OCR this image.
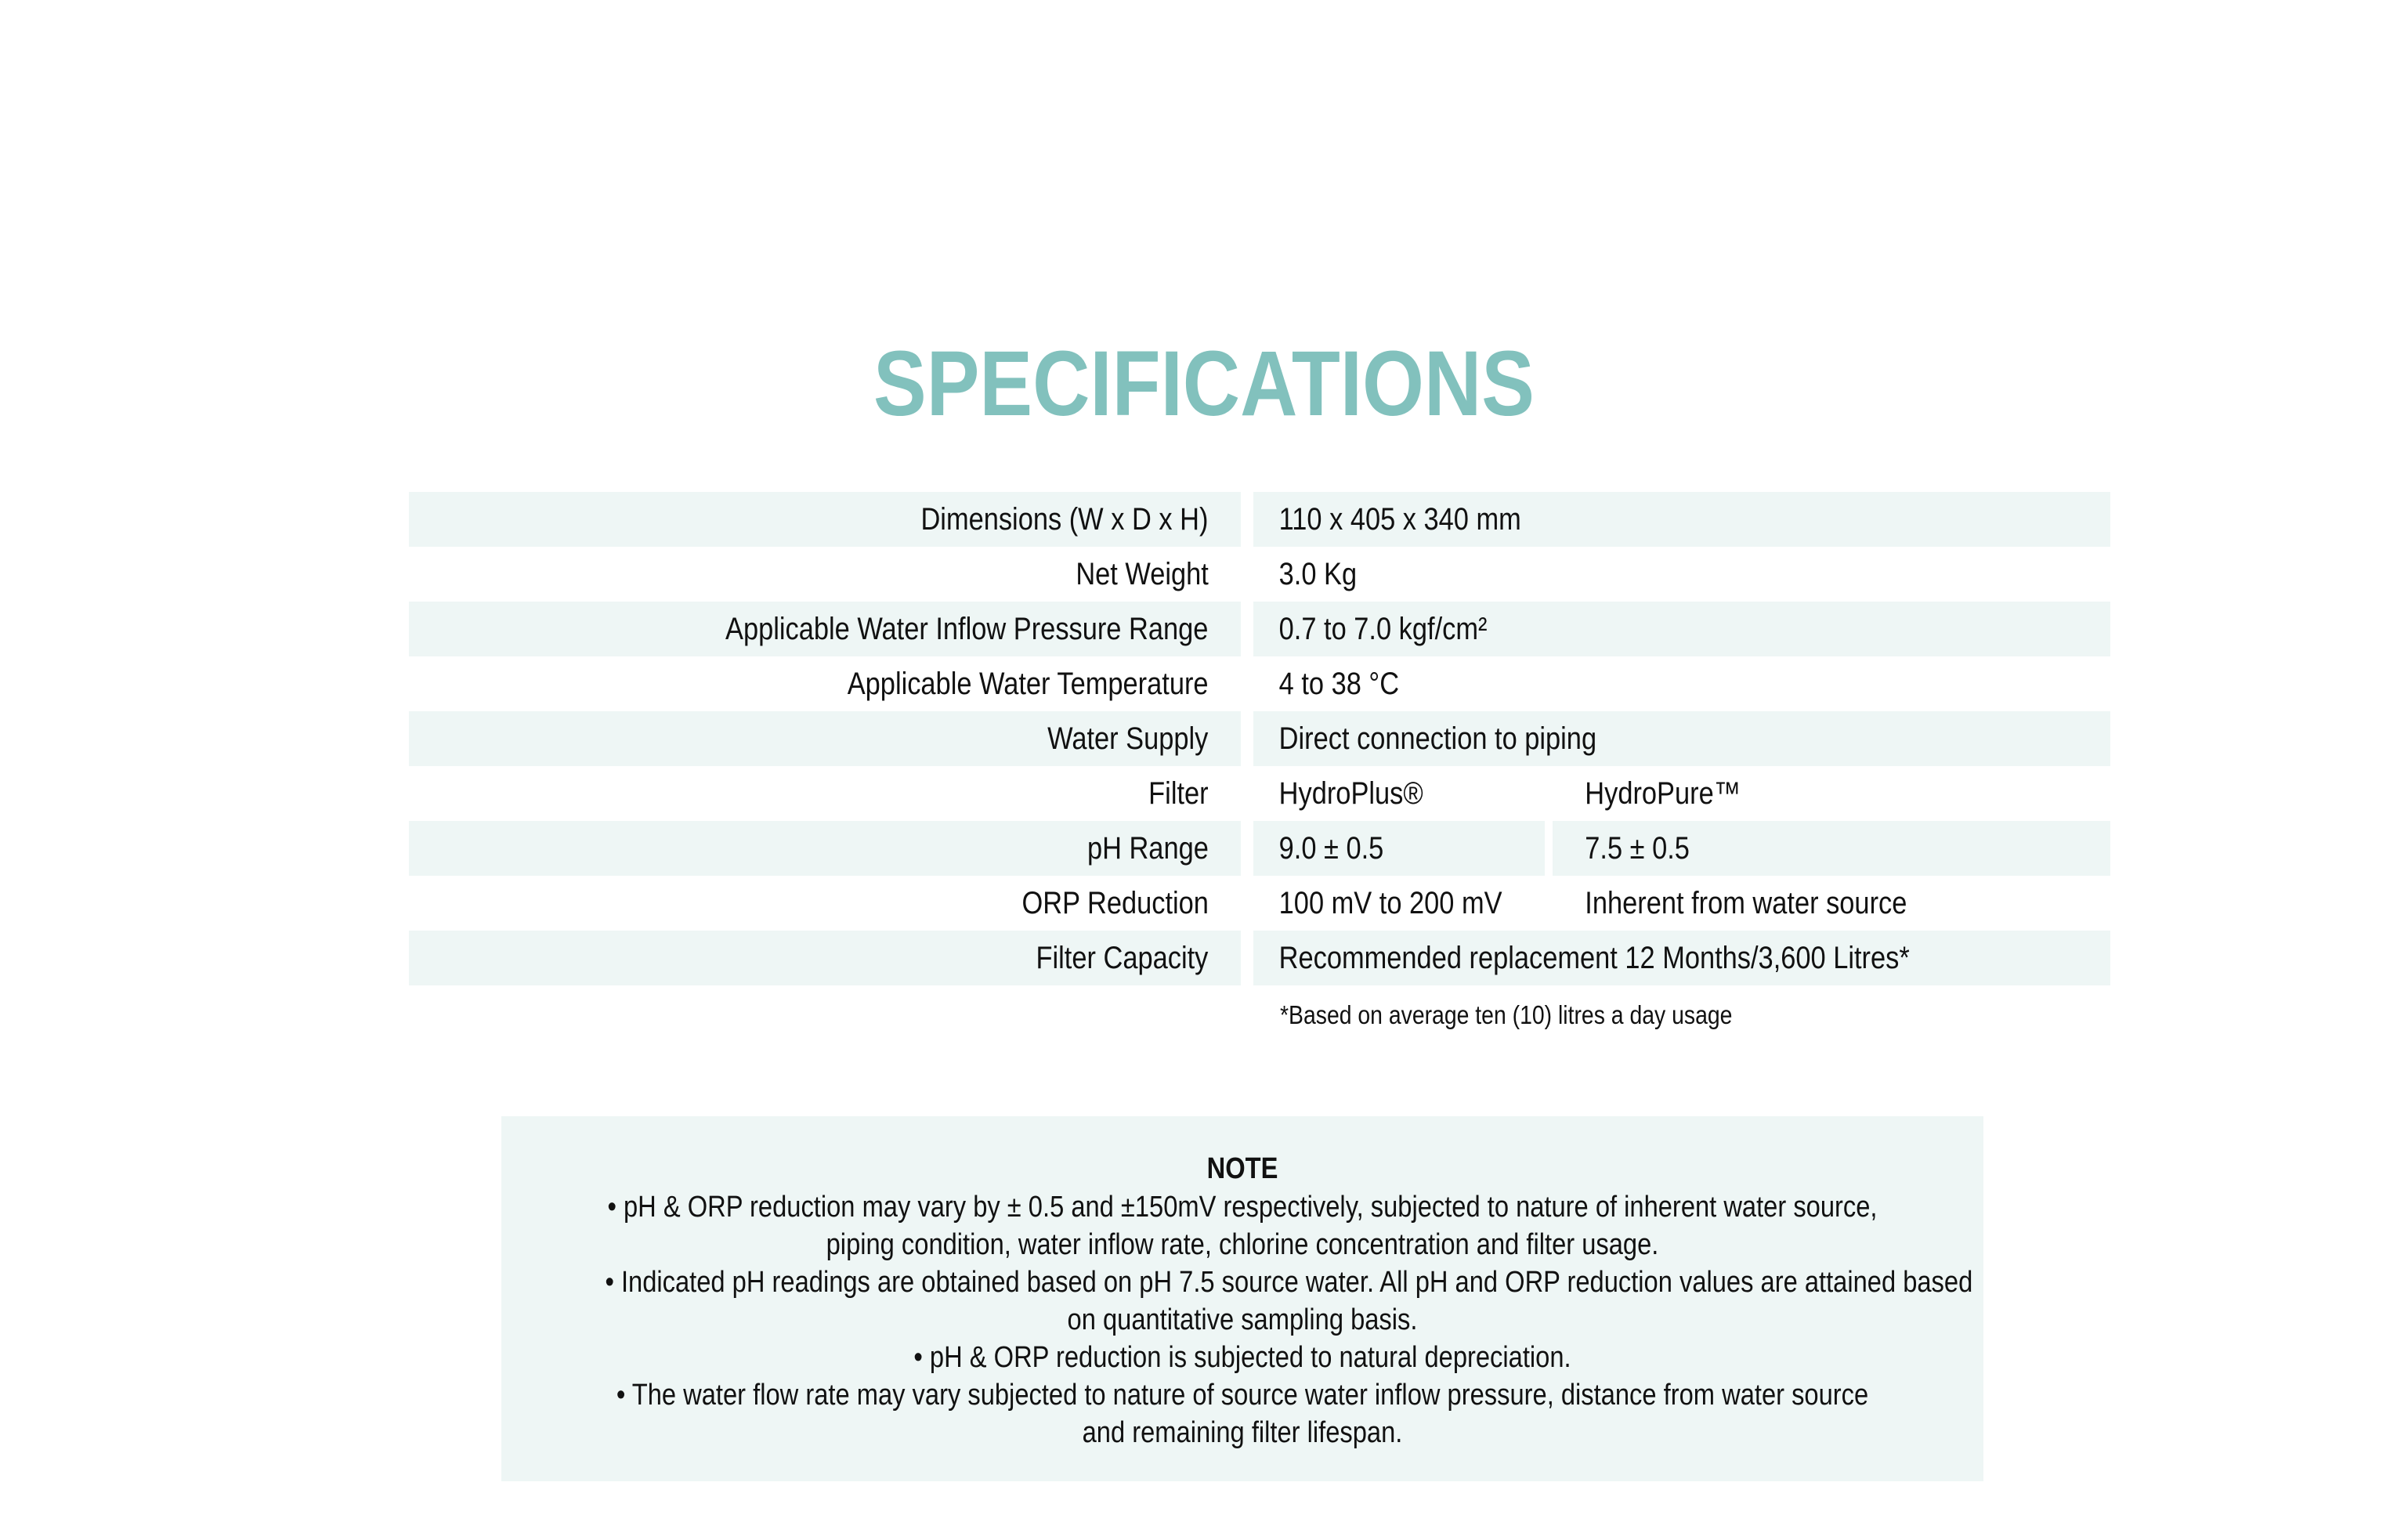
SPECIFICATIONS
Dimensions (W x D x H)	110 x 405 x 340 mm
Net Weight	3.0 Kg
Applicable Water Inflow Pressure Range	0.7 to 7.0 kgf/cm²
Applicable Water Temperature	4 to 38 °C
Water Supply	Direct connection to piping
Filter	HydroPlus®	HydroPure™
pH Range	9.0 ± 0.5	7.5 ± 0.5
ORP Reduction	100 mV to 200 mV	Inherent from water source
Filter Capacity	Recommended replacement 12 Months/3,600 Litres*
*Based on average ten (10) litres a day usage
NOTE
• pH & ORP reduction may vary by ± 0.5 and ±150mV respectively, subjected to nature of inherent water source,
piping condition, water inflow rate, chlorine concentration and filter usage.
• Indicated pH readings are obtained based on pH 7.5 source water. All pH and ORP reduction values are attained based
on quantitative sampling basis.
• pH & ORP reduction is subjected to natural depreciation.
• The water flow rate may vary subjected to nature of source water inflow pressure, distance from water source
and remaining filter lifespan.
